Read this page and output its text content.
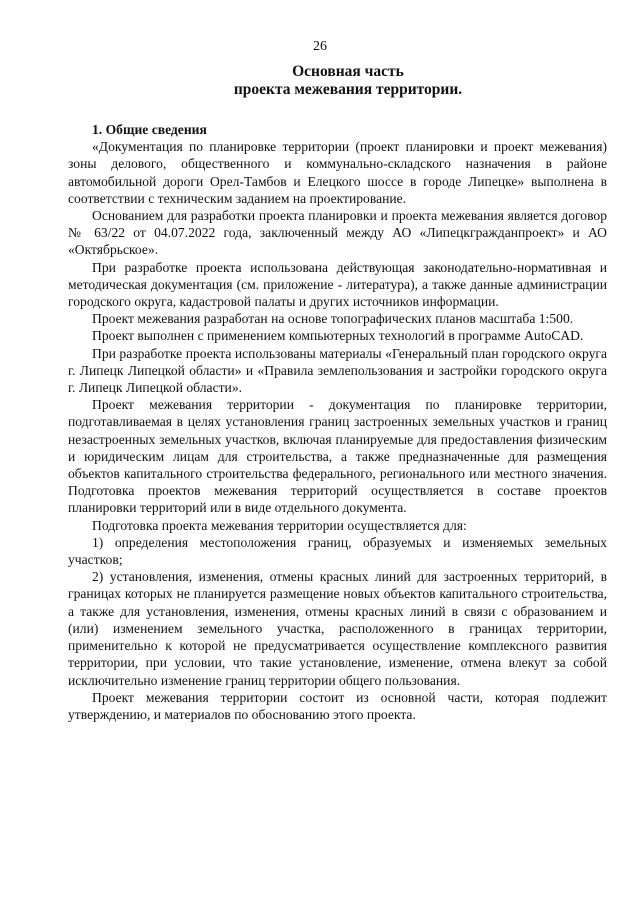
26
Основная часть
проекта межевания территории.

1. Общие сведения

«Документация по планировке территории (проект планировки и проект межевания) зоны делового, общественного и коммунально-складского назначения в районе автомобильной дороги Орел-Тамбов и Елецкого шоссе в городе Липецке» выполнена в соответствии с техническим заданием на проектирование.

Основанием для разработки проекта планировки и проекта межевания является договор № 63/22 от 04.07.2022 года, заключенный между АО «Липецкгражданпроект» и АО «Октябрьское».

При разработке проекта использована действующая законодательно-нормативная и методическая документация (см. приложение - литература), а также данные администрации городского округа, кадастровой палаты и других источников информации.

Проект межевания разработан на основе топографических планов масштаба 1:500.

Проект выполнен с применением компьютерных технологий в программе AutoCAD.

При разработке проекта использованы материалы «Генеральный план городского округа г. Липецк Липецкой области» и «Правила землепользования и застройки городского округа г. Липецк Липецкой области».

Проект межевания территории - документация по планировке территории, подготавливаемая в целях установления границ застроенных земельных участков и границ незастроенных земельных участков, включая планируемые для предоставления физическим и юридическим лицам для строительства, а также предназначенные для размещения объектов капитального строительства федерального, регионального или местного значения. Подготовка проектов межевания территорий осуществляется в составе проектов планировки территорий или в виде отдельного документа.

Подготовка проекта межевания территории осуществляется для:

1) определения местоположения границ, образуемых и изменяемых земельных участков;

2) установления, изменения, отмены красных линий для застроенных территорий, в границах которых не планируется размещение новых объектов капитального строительства, а также для установления, изменения, отмены красных линий в связи с образованием и (или) изменением земельного участка, расположенного в границах территории, применительно к которой не предусматривается осуществление комплексного развития территории, при условии, что такие установление, изменение, отмена влекут за собой исключительно изменение границ территории общего пользования.

Проект межевания территории состоит из основной части, которая подлежит утверждению, и материалов по обоснованию этого проекта.
